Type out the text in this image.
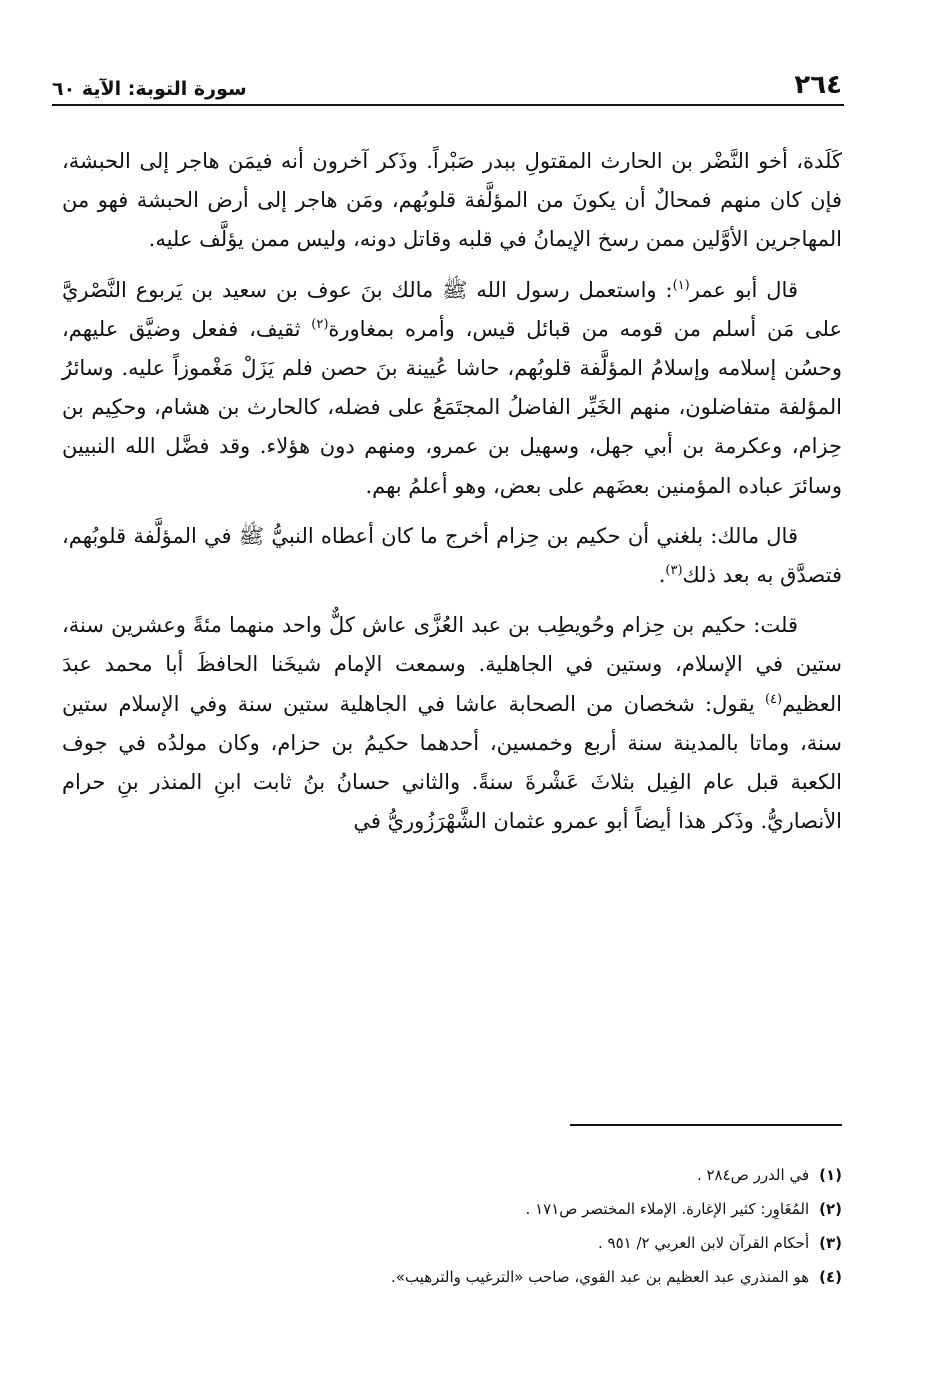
٢٦٤
سورة التوبة: الآية ٦٠

كَلَدة، أخو النَّضْر بن الحارث المقتولِ ببدر صَبْراً. وذَكر آخرون أنه فيمَن هاجر إلى الحبشة، فإن كان منهم فمحالٌ أن يكونَ من المؤلَّفة قلوبُهم، ومَن هاجر إلى أرض الحبشة فهو من المهاجرين الأوَّلين ممن رسخ الإيمانُ في قلبه وقاتل دونه، وليس ممن يؤلَّف عليه.

قال أبو عمر$^{(١)}$: واستعمل رسول الله ﷺ مالك بنَ عوف بن سعيد بن يَربوع النَّصْريَّ على مَن أسلم من قومه من قبائل قيس، وأمره بمغاورة$^{(٢)}$ ثقيف، ففعل وضيَّق عليهم، وحسُن إسلامه وإسلامُ المؤلَّفة قلوبُهم، حاشا عُيينة بنَ حصن فلم يَزَلْ مَغْموزاً عليه. وسائرُ المؤلفة متفاضلون، منهم الخَيِّر الفاضلُ المجتَمَعُ على فضله، كالحارث بن هشام، وحكِيم بن حِزام، وعكرمة بن أبي جهل، وسهيل بن عمرو، ومنهم دون هؤلاء. وقد فضَّل الله النبيين وسائرَ عباده المؤمنين بعضَهم على بعض، وهو أعلمُ بهم.

قال مالك: بلغني أن حكيم بن حِزام أخرج ما كان أعطاه النبيُّ ﷺ في المؤلَّفة قلوبُهم، فتصدَّق به بعد ذلك$^{(٣)}$.

قلت: حكيم بن حِزام وحُويطِب بن عبد العُزَّى عاش كلٌّ واحد منهما مئةً وعشرين سنة، ستين في الإسلام، وستين في الجاهلية. وسمعت الإمام شيخَنا الحافظَ أبا محمد عبدَ العظيم$^{(٤)}$ يقول: شخصان من الصحابة عاشا في الجاهلية ستين سنة وفي الإسلام ستين سنة، وماتا بالمدينة سنة أربع وخمسين، أحدهما حكيمُ بن حزام، وكان مولدُه في جوف الكعبة قبل عام الفِيل بثلاثَ عَشْرةَ سنةً. والثاني حسانُ بنُ ثابت ابنِ المنذر بنِ حرام الأنصاريُّ. وذَكر هذا أيضاً أبو عمرو عثمان الشَّهْرَزُوريُّ في

(١)
في الدرر ص٢٨٤ .
(٢)
المُغَاوِر: كثير الإغارة. الإملاء المختصر ص١٧١ .
(٣)
أحكام القرآن لابن العربي ٢/ ٩٥١ .
(٤)
هو المنذري عبد العظيم بن عبد القوي، صاحب «الترغيب والترهيب».
